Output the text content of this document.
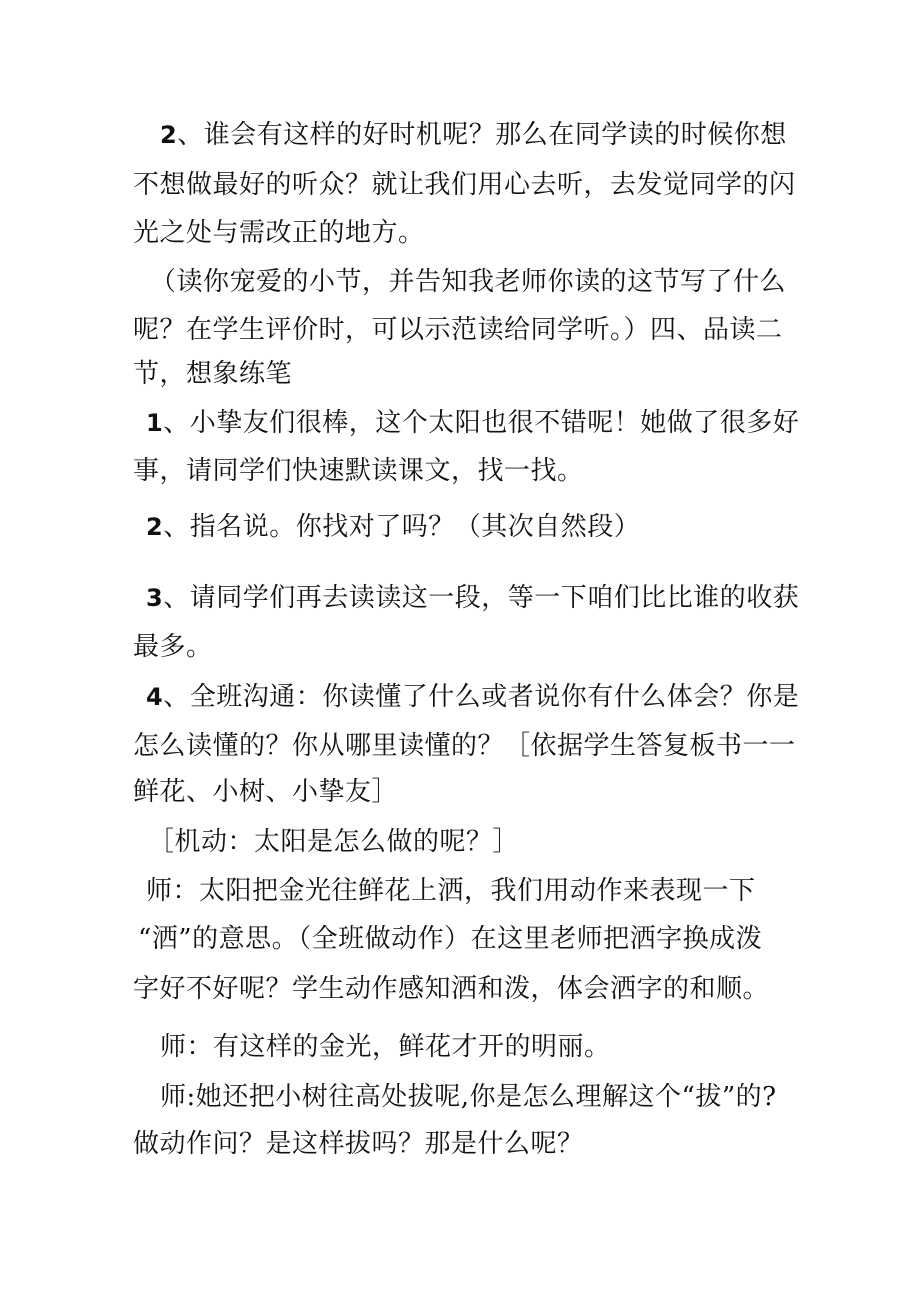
2、谁会有这样的好时机呢？那么在同学读的时候你想
不想做最好的听众？就让我们用心去听，去发觉同学的闪
光之处与需改正的地方。
（读你宠爱的小节，并告知我老师你读的这节写了什么
呢？在学生评价时，可以示范读给同学听。）四、品读二
节，想象练笔
1、小挚友们很棒，这个太阳也很不错呢！她做了很多好
事，请同学们快速默读课文，找一找。
2、指名说。你找对了吗？（其次自然段）
3、请同学们再去读读这一段，等一下咱们比比谁的收获
最多。
4、全班沟通：你读懂了什么或者说你有什么体会？你是
怎么读懂的？你从哪里读懂的？［依据学生答复板书一一
鲜花、小树、小挚友］
［机动：太阳是怎么做的呢？］
师：太阳把金光往鲜花上洒，我们用动作来表现一下
“洒”的意思。（全班做动作）在这里老师把洒字换成泼
字好不好呢？学生动作感知洒和泼，体会洒字的和顺。
师：有这样的金光，鲜花才开的明丽。
师:她还把小树往高处拔呢,你是怎么理解这个“拔”的?
做动作问？是这样拔吗？那是什么呢？
